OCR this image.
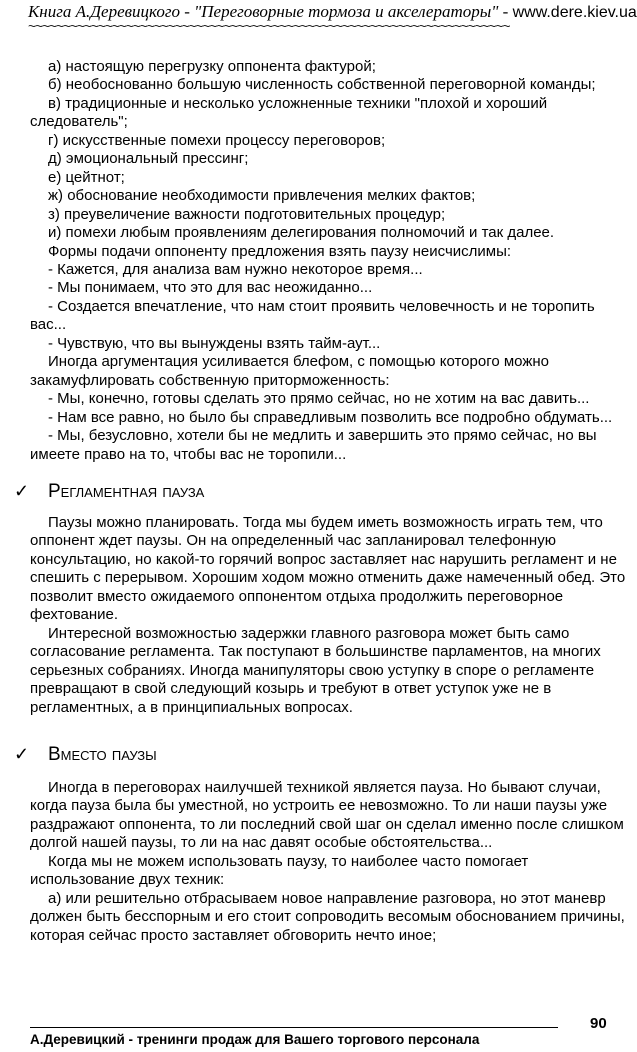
Книга А.Деревицкого - "Переговорные тормоза и акселераторы" - www.dere.kiev.ua
~~~~~~~~~~~~~~~~~~~~~~~~~~~~~~~~~~~~~~~~~~~~~~~~~~~~~~~~~~~~~~~~~~~~~
а) настоящую перегрузку оппонента фактурой;
б) необоснованно большую численность собственной переговорной команды;
в) традиционные и несколько усложненные техники "плохой и хороший
следователь";
г) искусственные помехи процессу переговоров;
д) эмоциональный прессинг;
е) цейтнот;
ж) обоснование необходимости привлечения мелких фактов;
з) преувеличение важности подготовительных процедур;
и) помехи любым проявлениям делегирования полномочий и так далее.
Формы подачи оппоненту предложения взять паузу неисчислимы:
- Кажется, для анализа вам нужно некоторое время...
- Мы понимаем, что это для вас неожиданно...
- Создается впечатление, что нам стоит проявить человечность и не торопить
вас...
- Чувствую, что вы вынуждены взять тайм-аут...
Иногда аргументация усиливается блефом, с помощью которого можно
закамуфлировать собственную приторможенность:
- Мы, конечно, готовы сделать это прямо сейчас, но не хотим на вас давить...
- Нам все равно, но было бы справедливым позволить все подробно обдумать...
- Мы, безусловно, хотели бы не медлить и завершить это прямо сейчас, но вы
имеете право на то, чтобы вас не торопили...
✓ Регламентная пауза
Паузы можно планировать. Тогда мы будем иметь возможность играть тем, что
оппонент ждет паузы. Он на определенный час запланировал телефонную
консультацию, но какой-то горячий вопрос заставляет нас нарушить регламент и не
спешить с перерывом. Хорошим ходом можно отменить даже намеченный обед. Это
позволит вместо ожидаемого оппонентом отдыха продолжить переговорное
фехтование.
Интересной возможностью задержки главного разговора может быть само
согласование регламента. Так поступают в большинстве парламентов, на многих
серьезных собраниях. Иногда манипуляторы свою уступку в споре о регламенте
превращают в свой следующий козырь и требуют в ответ уступок уже не в
регламентных, а в принципиальных вопросах.
✓ Вместо паузы
Иногда в переговорах наилучшей техникой является пауза. Но бывают случаи,
когда пауза была бы уместной, но устроить ее невозможно. То ли наши паузы уже
раздражают оппонента, то ли последний свой шаг он сделал именно после слишком
долгой нашей паузы, то ли на нас давят особые обстоятельства...
Когда мы не можем использовать паузу, то наиболее часто помогает
использование двух техник:
а) или решительно отбрасываем новое направление разговора, но этот маневр
должен быть бесспорным и его стоит сопроводить весомым обоснованием причины,
которая сейчас просто заставляет обговорить нечто иное;
90
А.Деревицкий - тренинги продаж для Вашего торгового персонала
